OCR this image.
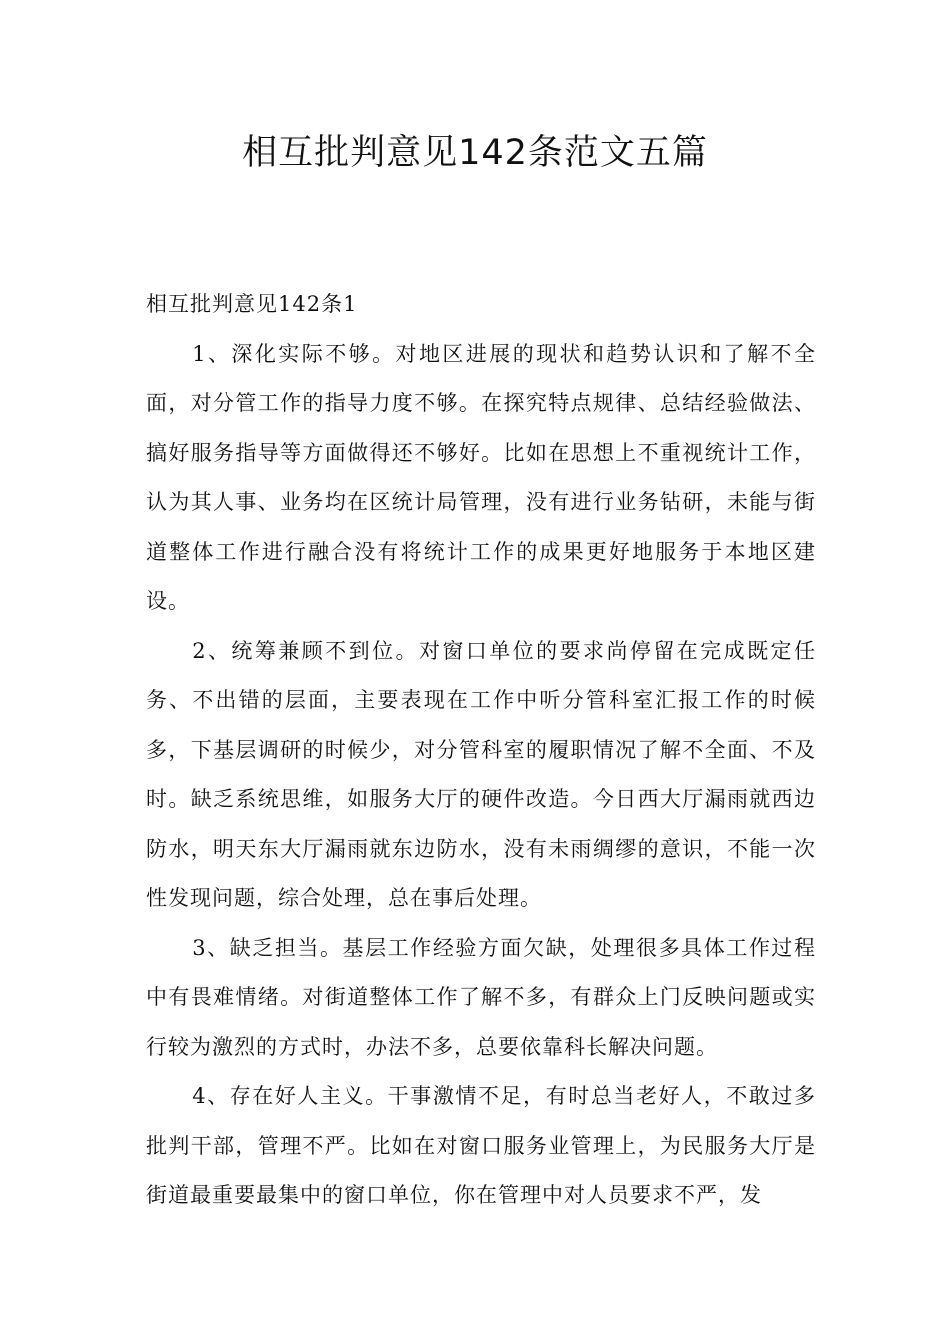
相互批判意见142条范文五篇

相互批判意见142条1

1、深化实际不够。对地区进展的现状和趋势认识和了解不全面，对分管工作的指导力度不够。在探究特点规律、总结经验做法、搞好服务指导等方面做得还不够好。比如在思想上不重视统计工作，认为其人事、业务均在区统计局管理，没有进行业务钻研，未能与街道整体工作进行融合没有将统计工作的成果更好地服务于本地区建设。

2、统筹兼顾不到位。对窗口单位的要求尚停留在完成既定任务、不出错的层面，主要表现在工作中听分管科室汇报工作的时候多，下基层调研的时候少，对分管科室的履职情况了解不全面、不及时。缺乏系统思维，如服务大厅的硬件改造。今日西大厅漏雨就西边防水，明天东大厅漏雨就东边防水，没有未雨绸缪的意识，不能一次性发现问题，综合处理，总在事后处理。

3、缺乏担当。基层工作经验方面欠缺，处理很多具体工作过程中有畏难情绪。对街道整体工作了解不多，有群众上门反映问题或实行较为激烈的方式时，办法不多，总要依靠科长解决问题。

4、存在好人主义。干事激情不足，有时总当老好人，不敢过多批判干部，管理不严。比如在对窗口服务业管理上，为民服务大厅是街道最重要最集中的窗口单位，你在管理中对人员要求不严，发
